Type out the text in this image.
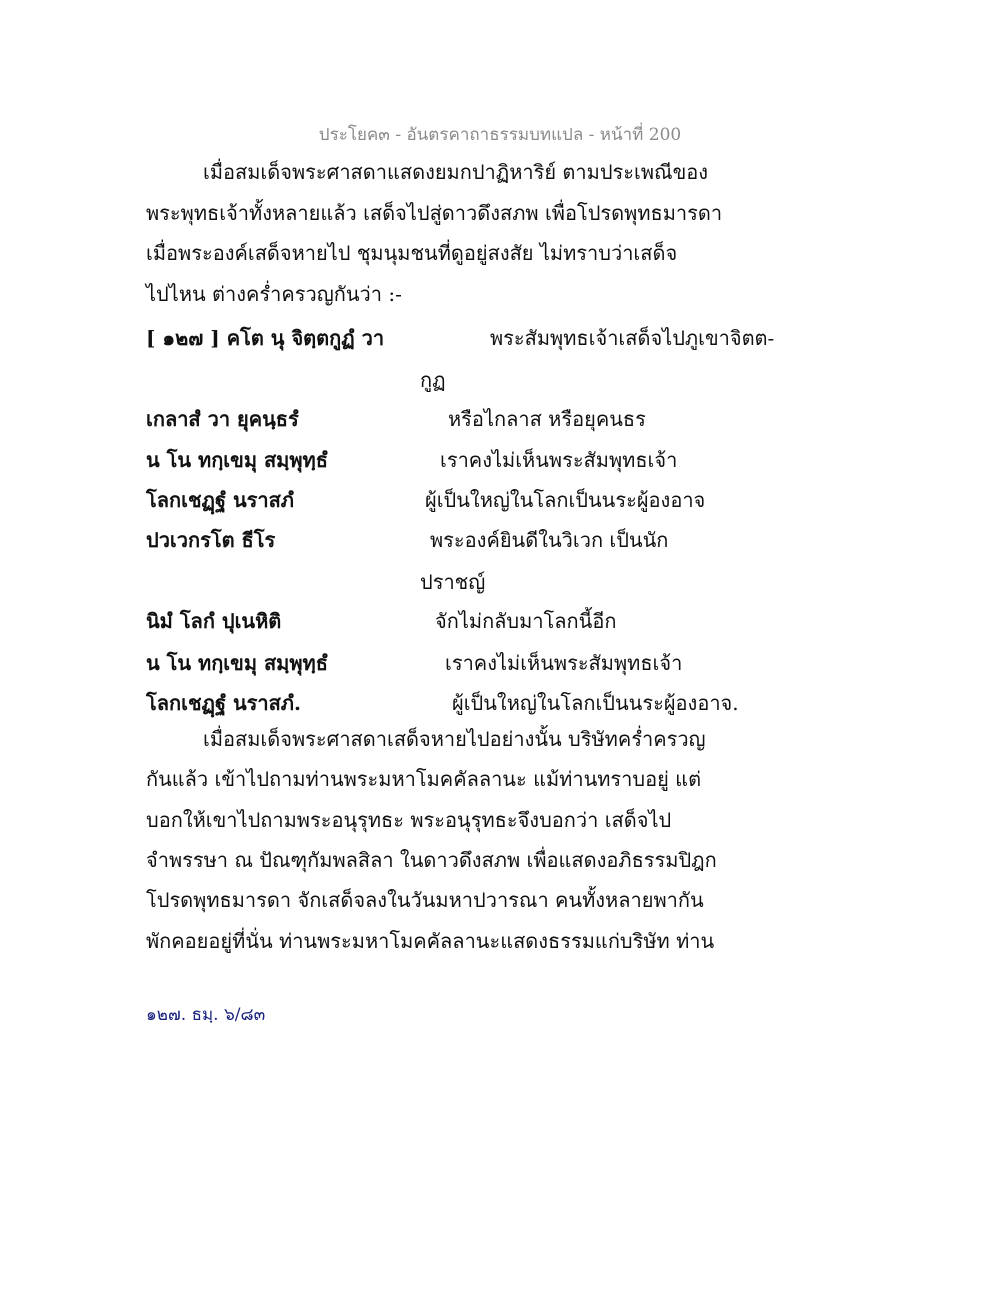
ประโยค๓ - อันตรคาถาธรรมบทแปล - หน้าที่ 200
เมื่อสมเด็จพระศาสดาแสดงยมกปาฏิหาริย์ ตามประเพณีของ
พระพุทธเจ้าทั้งหลายแล้ว เสด็จไปสู่ดาวดึงสภพ เพื่อโปรดพุทธมารดา
เมื่อพระองค์เสด็จหายไป ชุมนุมชนที่ดูอยู่สงสัย ไม่ทราบว่าเสด็จ
ไปไหน ต่างคร่ำครวญกันว่า :-
[ ๑๒๗ ] คโต นุ จิตฺตกูฏํ วา	พระสัมพุทธเจ้าเสด็จไปภูเขาจิตต-
กูฏ
เกลาสํ วา ยุคนฺธรํ	หรือไกลาส หรือยุคนธร
น โน ทกฺเขมุ สมฺพุทฺธํ	เราคงไม่เห็นพระสัมพุทธเจ้า
โลกเชฏฺฐํ นราสภํ	ผู้เป็นใหญ่ในโลกเป็นนระผู้องอาจ
ปวเวกรโต ธีโร	พระองค์ยินดีในวิเวก เป็นนัก
ปราชญ์
นิมํ โลกํ ปุเนหิติ	จักไม่กลับมาโลกนี้อีก
น โน ทกฺเขมุ สมฺพุทฺธํ	เราคงไม่เห็นพระสัมพุทธเจ้า
โลกเชฏฺฐํ นราสภํ.	ผู้เป็นใหญ่ในโลกเป็นนระผู้องอาจ.
เมื่อสมเด็จพระศาสดาเสด็จหายไปอย่างนั้น บริษัทคร่ำครวญ
กันแล้ว เข้าไปถามท่านพระมหาโมคคัลลานะ แม้ท่านทราบอยู่ แต่
บอกให้เขาไปถามพระอนุรุทธะ พระอนุรุทธะจึงบอกว่า เสด็จไป
จำพรรษา ณ ปัณฑุกัมพลสิลา ในดาวดึงสภพ เพื่อแสดงอภิธรรมปิฎก
โปรดพุทธมารดา จักเสด็จลงในวันมหาปวารณา คนทั้งหลายพากัน
พักคอยอยู่ที่นั่น ท่านพระมหาโมคคัลลานะแสดงธรรมแก่บริษัท ท่าน
๑๒๗. ธมฺ. ๖/๘๓
